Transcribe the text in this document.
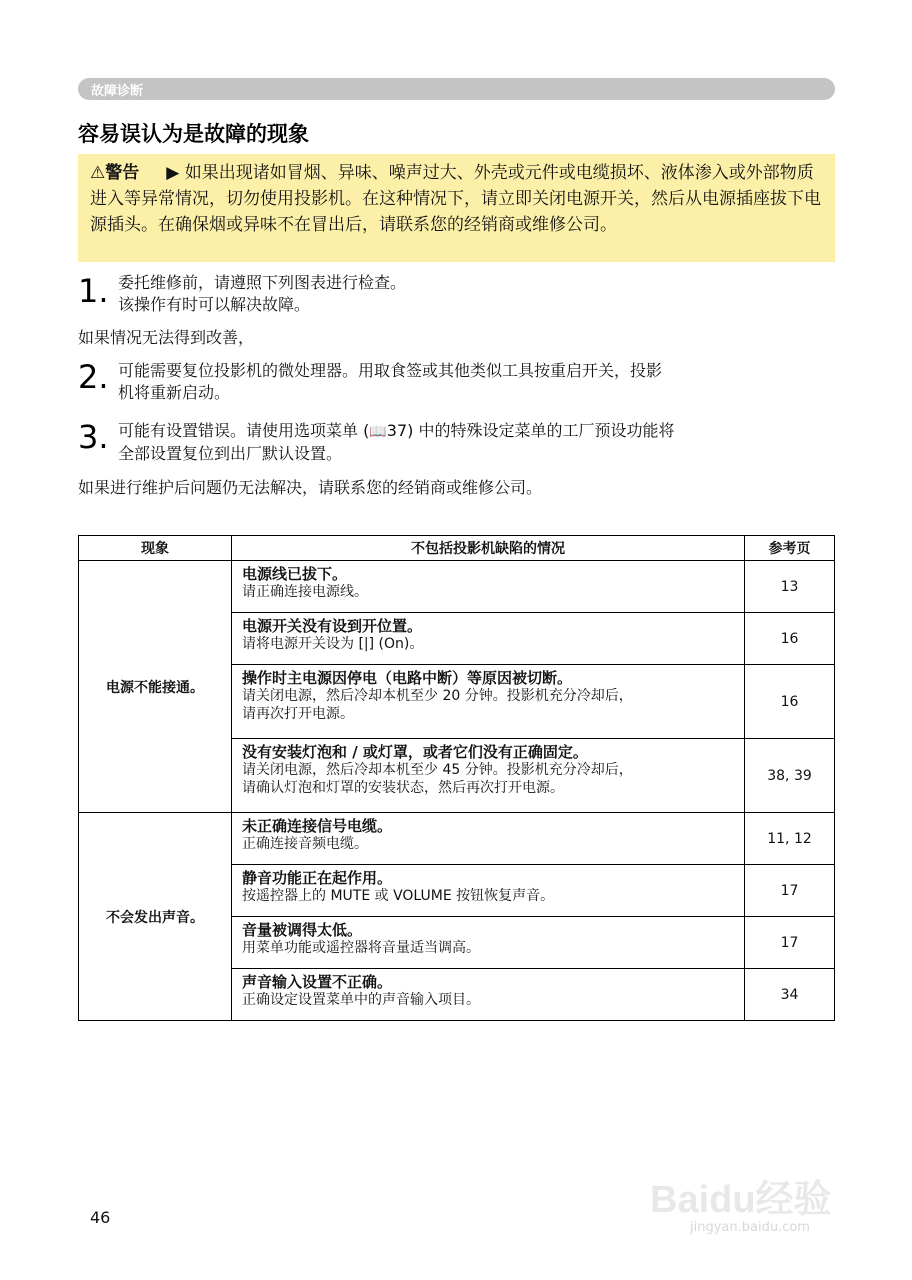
故障诊断
容易误认为是故障的现象
⚠警告     ▶ 如果出现诸如冒烟、异味、噪声过大、外壳或元件或电缆损坏、液体渗入或外部物质进入等异常情况，切勿使用投影机。在这种情况下，请立即关闭电源开关，然后从电源插座拔下电源插头。在确保烟或异味不在冒出后，请联系您的经销商或维修公司。
1. 委托维修前，请遵照下列图表进行检查。
该操作有时可以解决故障。
如果情况无法得到改善，
2. 可能需要复位投影机的微处理器。用取食签或其他类似工具按重启开关，投影
机将重新启动。
3. 可能有设置错误。请使用选项菜单 (📖37) 中的特殊设定菜单的工厂预设功能将
全部设置复位到出厂默认设置。
如果进行维护后问题仍无法解决，请联系您的经销商或维修公司。
现象	不包括投影机缺陷的情况	参考页
电源不能接通。	电源线已拔下。
请正确连接电源线。	13

	电源开关没有设到开位置。
请将电源开关设为 [|] (On)。	16

	操作时主电源因停电（电路中断）等原因被切断。
请关闭电源，然后冷却本机至少 20 分钟。投影机充分冷却后，
请再次打开电源。	16

	没有安装灯泡和 / 或灯罩，或者它们没有正确固定。
请关闭电源，然后冷却本机至少 45 分钟。投影机充分冷却后，
请确认灯泡和灯罩的安装状态，然后再次打开电源。	38, 39
不会发出声音。	未正确连接信号电缆。
正确连接音频电缆。	11, 12

	静音功能正在起作用。
按遥控器上的 MUTE 或 VOLUME 按钮恢复声音。	17

	音量被调得太低。
用菜单功能或遥控器将音量适当调高。	17

	声音输入设置不正确。
正确设定设置菜单中的声音输入项目。	34
46	Baidu经验
jingyan.baidu.com
